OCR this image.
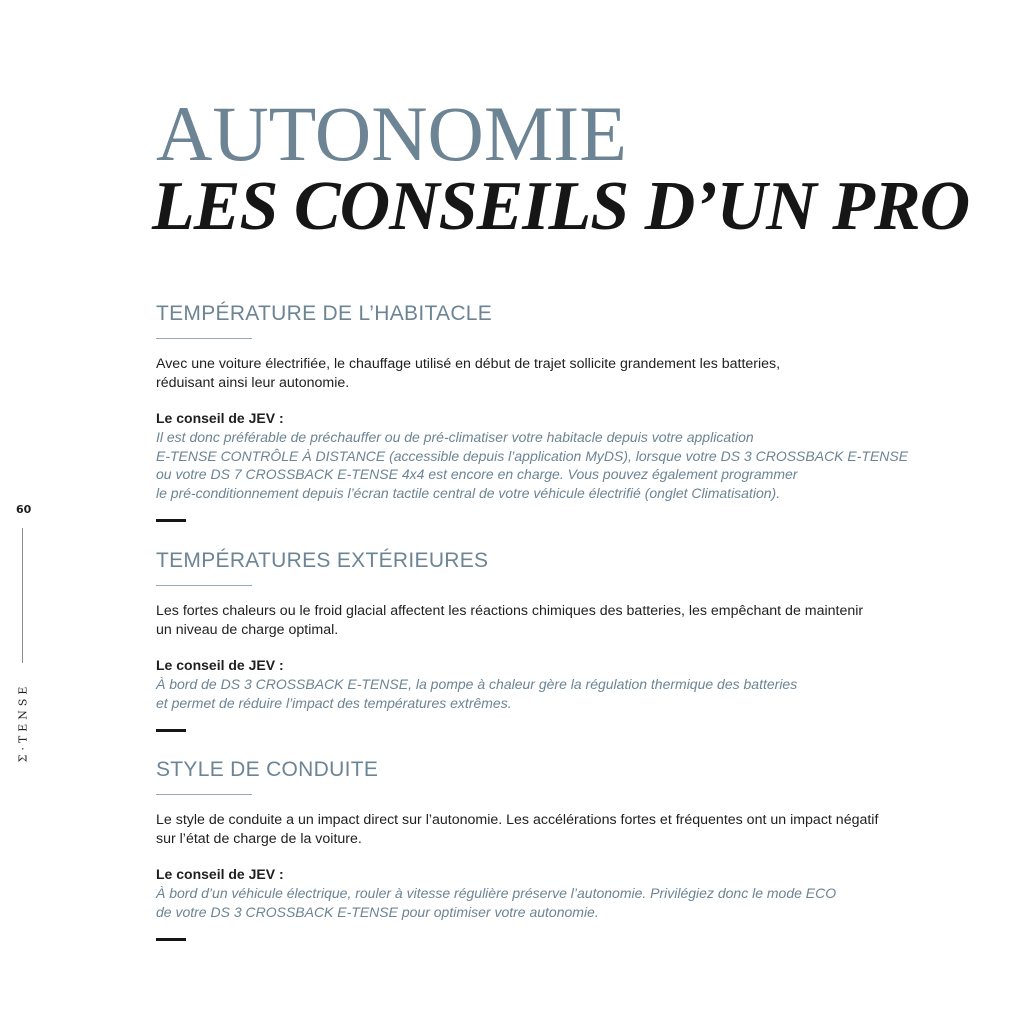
60
Σ·TENSE
AUTONOMIE
LES CONSEILS D’UN PRO
TEMPÉRATURE DE L’HABITACLE

Avec une voiture électrifiée, le chauffage utilisé en début de trajet sollicite grandement les batteries,
réduisant ainsi leur autonomie.

Le conseil de JEV :

Il est donc préférable de préchauffer ou de pré-climatiser votre habitacle depuis votre application
E-TENSE CONTRÔLE À DISTANCE (accessible depuis l’application MyDS), lorsque votre DS 3 CROSSBACK E-TENSE
ou votre DS 7 CROSSBACK E-TENSE 4x4 est encore en charge. Vous pouvez également programmer
le pré-conditionnement depuis l’écran tactile central de votre véhicule électrifié (onglet Climatisation).

TEMPÉRATURES EXTÉRIEURES

Les fortes chaleurs ou le froid glacial affectent les réactions chimiques des batteries, les empêchant de maintenir
un niveau de charge optimal.

Le conseil de JEV :

À bord de DS 3 CROSSBACK E-TENSE, la pompe à chaleur gère la régulation thermique des batteries
et permet de réduire l’impact des températures extrêmes.

STYLE DE CONDUITE

Le style de conduite a un impact direct sur l’autonomie. Les accélérations fortes et fréquentes ont un impact négatif
sur l’état de charge de la voiture.

Le conseil de JEV :

À bord d’un véhicule électrique, rouler à vitesse régulière préserve l’autonomie. Privilégiez donc le mode ECO
de votre DS 3 CROSSBACK E-TENSE pour optimiser votre autonomie.
